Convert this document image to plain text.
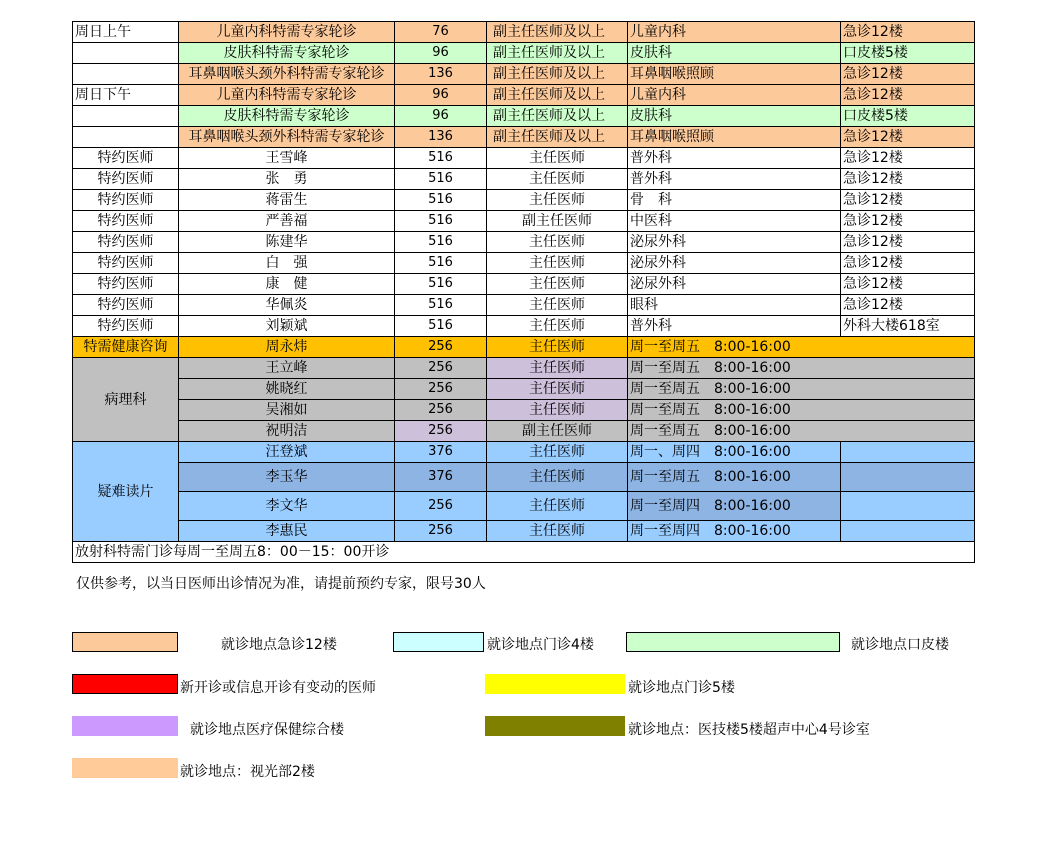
周日上午	儿童内科特需专家轮诊	76	副主任医师及以上	儿童内科	急诊12楼
	皮肤科特需专家轮诊	96	副主任医师及以上	皮肤科	口皮楼5楼
	耳鼻咽喉头颈外科特需专家轮诊	136	副主任医师及以上	耳鼻咽喉照顾	急诊12楼
周日下午	儿童内科特需专家轮诊	96	副主任医师及以上	儿童内科	急诊12楼
	皮肤科特需专家轮诊	96	副主任医师及以上	皮肤科	口皮楼5楼
	耳鼻咽喉头颈外科特需专家轮诊	136	副主任医师及以上	耳鼻咽喉照顾	急诊12楼
特约医师	王雪峰	516	主任医师	普外科	急诊12楼
特约医师	张　勇	516	主任医师	普外科	急诊12楼
特约医师	蒋雷生	516	主任医师	骨　科	急诊12楼
特约医师	严善福	516	副主任医师	中医科	急诊12楼
特约医师	陈建华	516	主任医师	泌尿外科	急诊12楼
特约医师	白　强	516	主任医师	泌尿外科	急诊12楼
特约医师	康　健	516	主任医师	泌尿外科	急诊12楼
特约医师	华佩炎	516	主任医师	眼科	急诊12楼
特约医师	刘颖斌	516	主任医师	普外科	外科大楼618室
特需健康咨询	周永炜	256	主任医师	周一至周五　8:00-16:00	
病理科	王立峰	256	主任医师	周一至周五　8:00-16:00	
	姚晓红	256	主任医师	周一至周五　8:00-16:00	
	吴湘如	256	主任医师	周一至周五　8:00-16:00	
	祝明洁	256	副主任医师	周一至周五　8:00-16:00	
疑难读片	汪登斌	376	主任医师	周一、周四　8:00-16:00	
	李玉华	376	主任医师	周一至周五　8:00-16:00	
	李文华	256	主任医师	周一至周四　8:00-16:00	
	李惠民	256	主任医师	周一至周四　8:00-16:00	
放射科特需门诊每周一至周五8：00－15：00开诊					
仅供参考，以当日医师出诊情况为准，请提前预约专家，限号30人
就诊地点急诊12楼	就诊地点门诊4楼	就诊地点口皮楼
新开诊或信息开诊有变动的医师	就诊地点门诊5楼
就诊地点医疗保健综合楼	就诊地点：医技楼5楼超声中心4号诊室
就诊地点：视光部2楼
